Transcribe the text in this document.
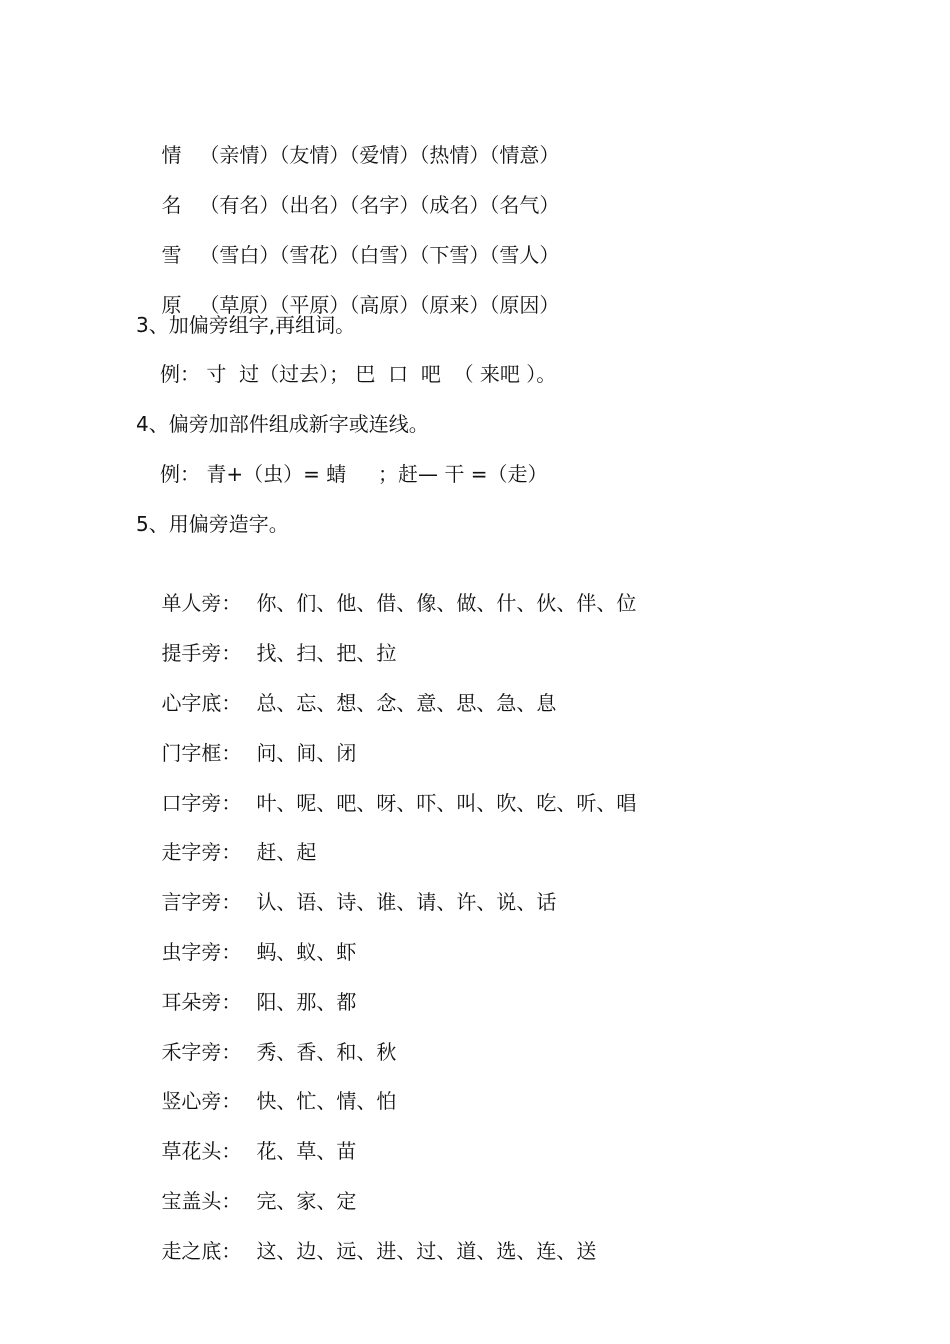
情 （亲情）（友情）（爱情）（热情）（情意）

名 （有名）（出名）（名字）（成名）（名气）

雪 （雪白）（雪花）（白雪）（下雪）（雪人）

原 （草原）（平原）（高原）（原来）（原因）

3、加偏旁组字,再组词。
例： 寸  过（过去）； 巴  口  吧  （ 来吧 ）。
4、偏旁加部件组成新字或连线。
例： 青+（虫）= 蜻     ；赶— 干 =（走）
5、用偏旁造字。

单人旁： 你、们、他、借、像、做、什、伙、伴、位

提手旁： 找、扫、把、拉

心字底： 总、忘、想、念、意、思、急、息

门字框： 问、间、闭

口字旁： 叶、呢、吧、呀、吓、叫、吹、吃、听、唱

走字旁： 赶、起

言字旁： 认、语、诗、谁、请、许、说、话

虫字旁： 蚂、蚁、虾

耳朵旁： 阳、那、都

禾字旁： 秀、香、和、秋

竖心旁： 快、忙、情、怕

草花头： 花、草、苗

宝盖头： 完、家、定

走之底： 这、边、远、进、过、道、选、连、送
